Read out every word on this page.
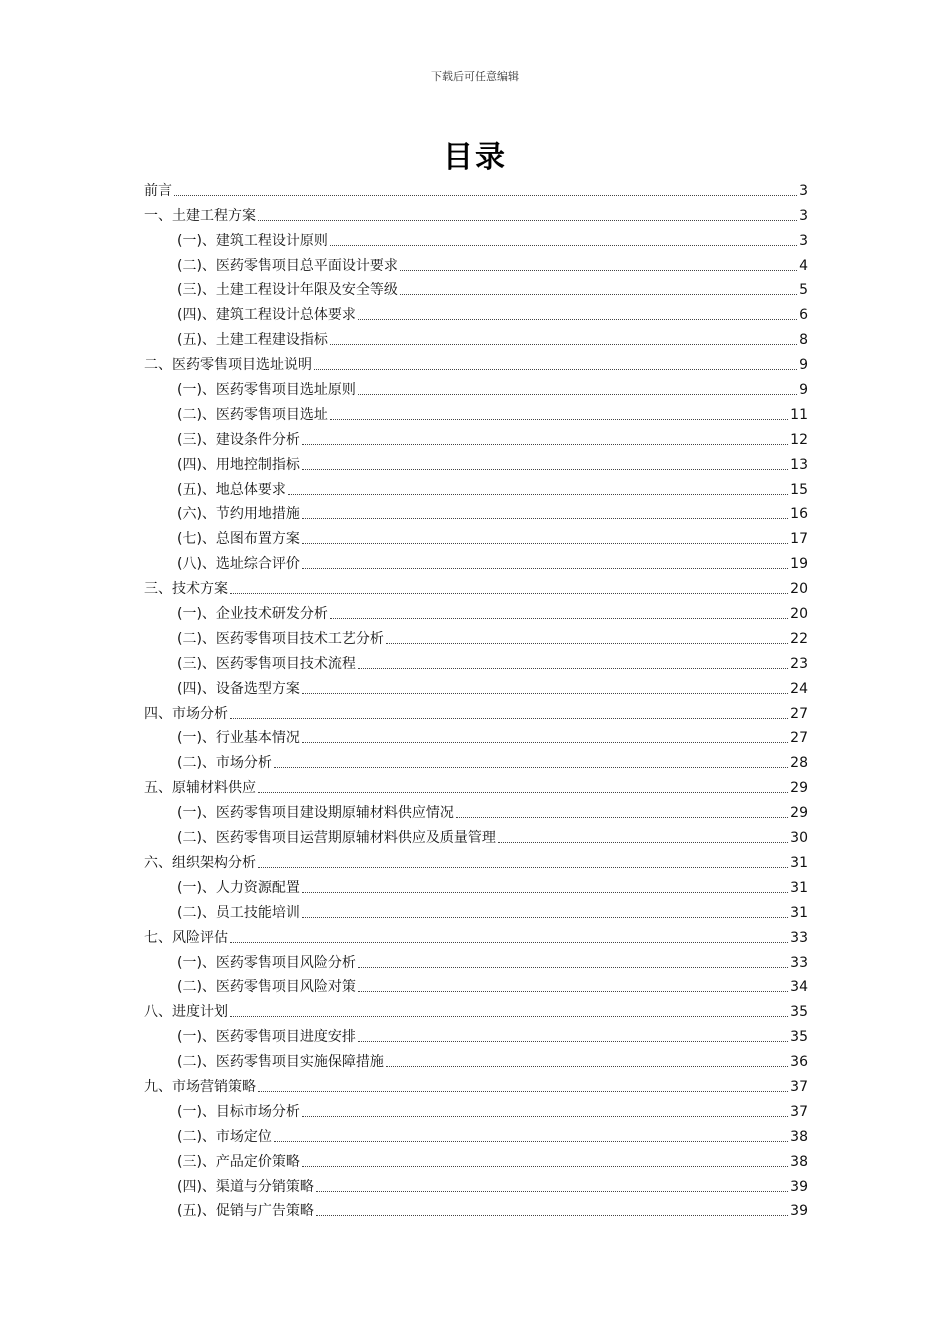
下载后可任意编辑
目录
前言	3
一、土建工程方案	3
(一)、建筑工程设计原则	3
(二)、医药零售项目总平面设计要求	4
(三)、土建工程设计年限及安全等级	5
(四)、建筑工程设计总体要求	6
(五)、土建工程建设指标	8
二、医药零售项目选址说明	9
(一)、医药零售项目选址原则	9
(二)、医药零售项目选址	11
(三)、建设条件分析	12
(四)、用地控制指标	13
(五)、地总体要求	15
(六)、节约用地措施	16
(七)、总图布置方案	17
(八)、选址综合评价	19
三、技术方案	20
(一)、企业技术研发分析	20
(二)、医药零售项目技术工艺分析	22
(三)、医药零售项目技术流程	23
(四)、设备选型方案	24
四、市场分析	27
(一)、行业基本情况	27
(二)、市场分析	28
五、原辅材料供应	29
(一)、医药零售项目建设期原辅材料供应情况	29
(二)、医药零售项目运营期原辅材料供应及质量管理	30
六、组织架构分析	31
(一)、人力资源配置	31
(二)、员工技能培训	31
七、风险评估	33
(一)、医药零售项目风险分析	33
(二)、医药零售项目风险对策	34
八、进度计划	35
(一)、医药零售项目进度安排	35
(二)、医药零售项目实施保障措施	36
九、市场营销策略	37
(一)、目标市场分析	37
(二)、市场定位	38
(三)、产品定价策略	38
(四)、渠道与分销策略	39
(五)、促销与广告策略	39
